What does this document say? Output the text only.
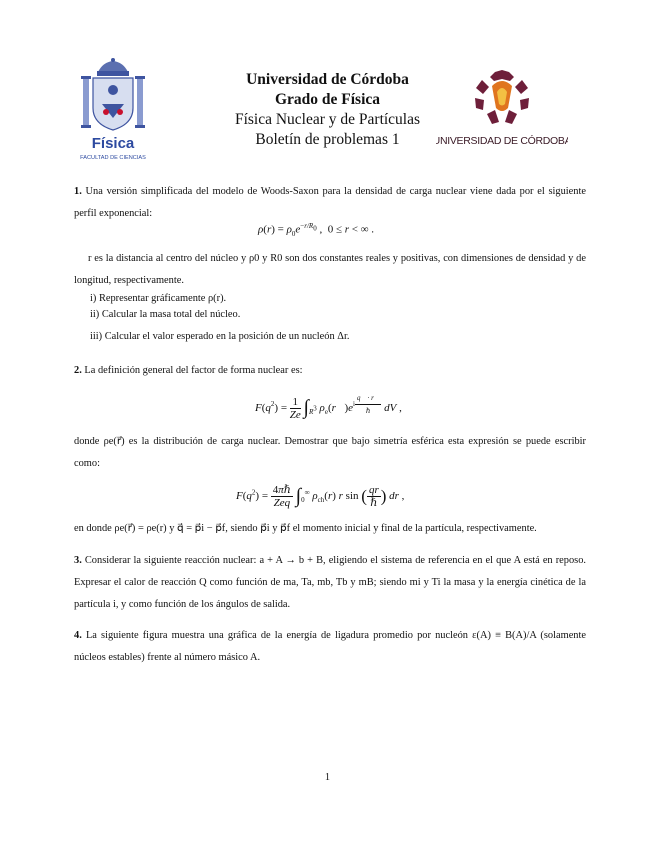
Física
FACULTAD DE CIENCIAS
Universidad de Córdoba
Grado de Física
Física Nuclear y de Partículas
Boletín de problemas 1	UNIVERSIDAD DE CÓRDOBA
1. Una versión simplificada del modelo de Woods-Saxon para la densidad de carga nuclear viene dada por el siguiente perfil exponencial:
$\rho(r) = \rho_0e^{-r/R_0}$ ,  0 ≤ r < ∞ .
r es la distancia al centro del núcleo y ρ0 y R0 son dos constantes reales y positivas, con dimensiones de densidad y de longitud, respectivamente.
i) Representar gráficamente ρ(r).
ii) Calcular la masa total del núcleo.
iii) Calcular el valor esperado en la posición de un nucleón Δr.
2. La definición general del factor de forma nuclear es:
$F(q^2) = \frac{1}{Ze} \int_{R^3}$ $\rho_e(r⃗)e^{i \frac{q⃗ \cdot r⃗}{\text{ℏ}}}$ dV ,
donde ρe(r⃗) es la distribución de carga nuclear. Demostrar que bajo simetría esférica esta expresión se puede escribir como:
$F(q^2) = \frac{\text{4πℏ}}{\text{Zeq}} \int_0^\infty$ $\rho_{ch}(r)$ r sin ( $\frac{qr}{\text{ℏ}}$ ) dr ,
en donde ρe(r⃗) = ρe(r) y q⃗ = p⃗i − p⃗f, siendo p⃗i y p⃗f el momento inicial y final de la partícula, respectivamente.
3. Considerar la siguiente reacción nuclear: a + A → b + B, eligiendo el sistema de referencia en el que A está en reposo. Expresar el calor de reacción Q como función de ma, Ta, mb, Tb y mB; siendo mi y Ti la masa y la energía cinética de la partícula i, y como función de los ángulos de salida.
4. La siguiente figura muestra una gráfica de la energía de ligadura promedio por nucleón ε(A) ≡ B(A)/A (solamente núcleos estables) frente al número másico A.
1
